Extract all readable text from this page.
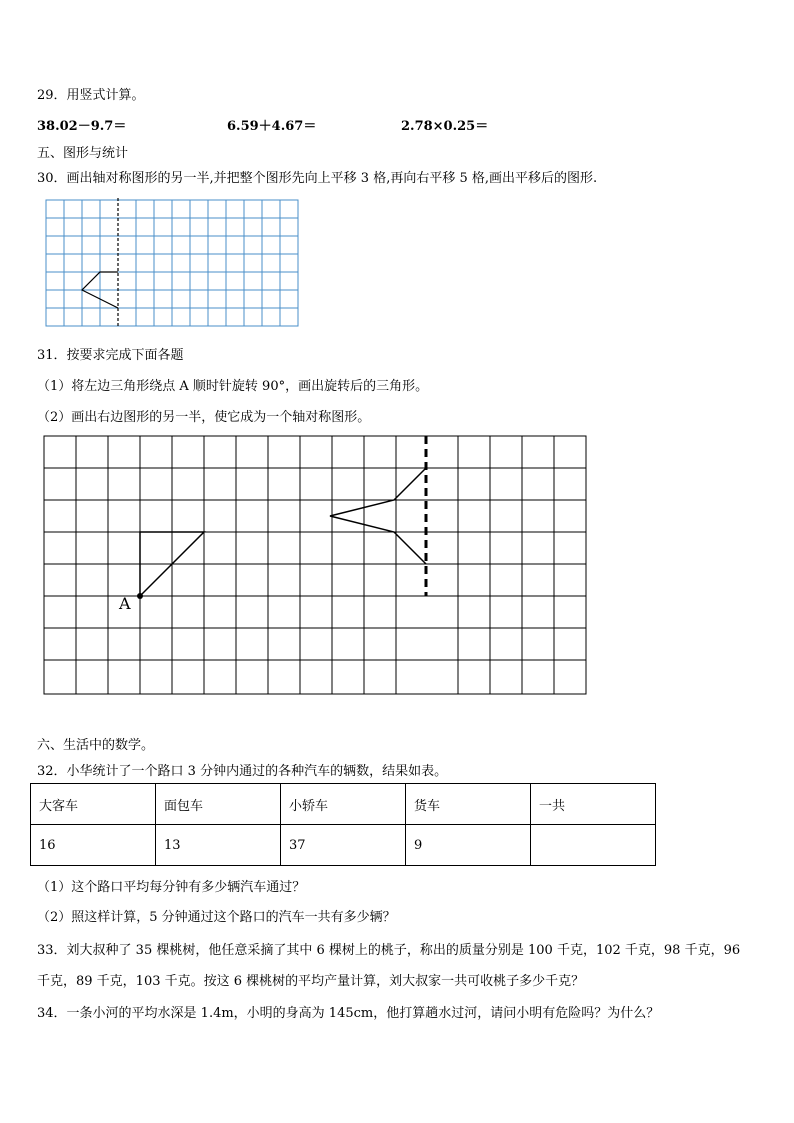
29．用竖式计算。
38.02－9.7＝	6.59＋4.67＝	2.78×0.25＝
五、图形与统计
30．画出轴对称图形的另一半,并把整个图形先向上平移 3 格,再向右平移 5 格,画出平移后的图形.
31．按要求完成下面各题
（1）将左边三角形绕点 A 顺时针旋转 90°，画出旋转后的三角形。
（2）画出右边图形的另一半，使它成为一个轴对称图形。
A
六、生活中的数学。
32．小华统计了一个路口 3 分钟内通过的各种汽车的辆数，结果如表。
大客车	面包车	小轿车	货车	一共
16	13	37	9	
（1）这个路口平均每分钟有多少辆汽车通过？
（2）照这样计算，5 分钟通过这个路口的汽车一共有多少辆？
33．刘大叔种了 35 棵桃树，他任意采摘了其中 6 棵树上的桃子，称出的质量分别是 100 千克，102 千克，98 千克，96
千克，89 千克，103 千克。按这 6 棵桃树的平均产量计算，刘大叔家一共可收桃子多少千克？
34．一条小河的平均水深是 1.4m，小明的身高为 145cm，他打算趟水过河，请问小明有危险吗？为什么？
